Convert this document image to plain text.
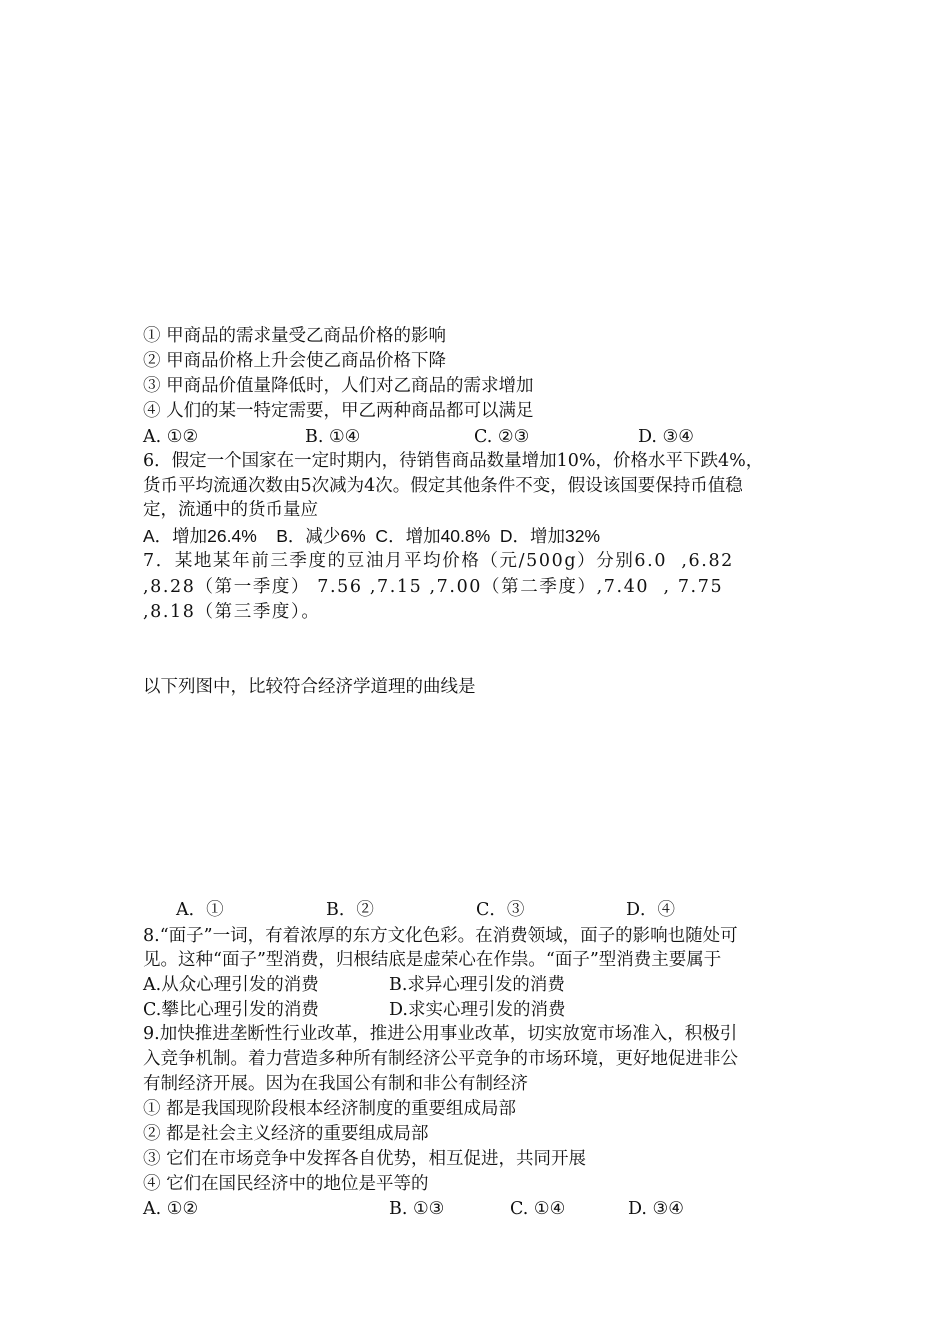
① 甲商品的需求量受乙商品价格的影响
② 甲商品价格上升会使乙商品价格下降
③ 甲商品价值量降低时，人们对乙商品的需求增加
④ 人们的某一特定需要，甲乙两种商品都可以满足
A. ①②	B. ①④	C. ②③	D. ③④
6．假定一个国家在一定时期内，待销售商品数量增加10%，价格水平下跌4%，
货币平均流通次数由5次减为4次。假定其他条件不变，假设该国要保持币值稳
定，流通中的货币量应
A．增加26.4%    B．减少6%  C．增加40.8%  D．增加32%
7．某地某年前三季度的豆油月平均价格（元/500g）分别6.0  ,6.82
,8.28（第一季度） 7.56 ,7.15 ,7.00（第二季度）,7.40  , 7.75
,8.18（第三季度）。
以下列图中，比较符合经济学道理的曲线是
A．①	B．②	C．③	D．④
8.“面子”一词，有着浓厚的东方文化色彩。在消费领域，面子的影响也随处可
见。这种“面子”型消费，归根结底是虚荣心在作祟。“面子”型消费主要属于
A.从众心理引发的消费	B.求异心理引发的消费
C.攀比心理引发的消费	D.求实心理引发的消费
9.加快推进垄断性行业改革，推进公用事业改革，切实放宽市场准入，积极引
入竞争机制。着力营造多种所有制经济公平竞争的市场环境，更好地促进非公
有制经济开展。因为在我国公有制和非公有制经济
① 都是我国现阶段根本经济制度的重要组成局部
② 都是社会主义经济的重要组成局部
③ 它们在市场竞争中发挥各自优势，相互促进，共同开展
④ 它们在国民经济中的地位是平等的
A. ①②	B. ①③	C. ①④	D. ③④
